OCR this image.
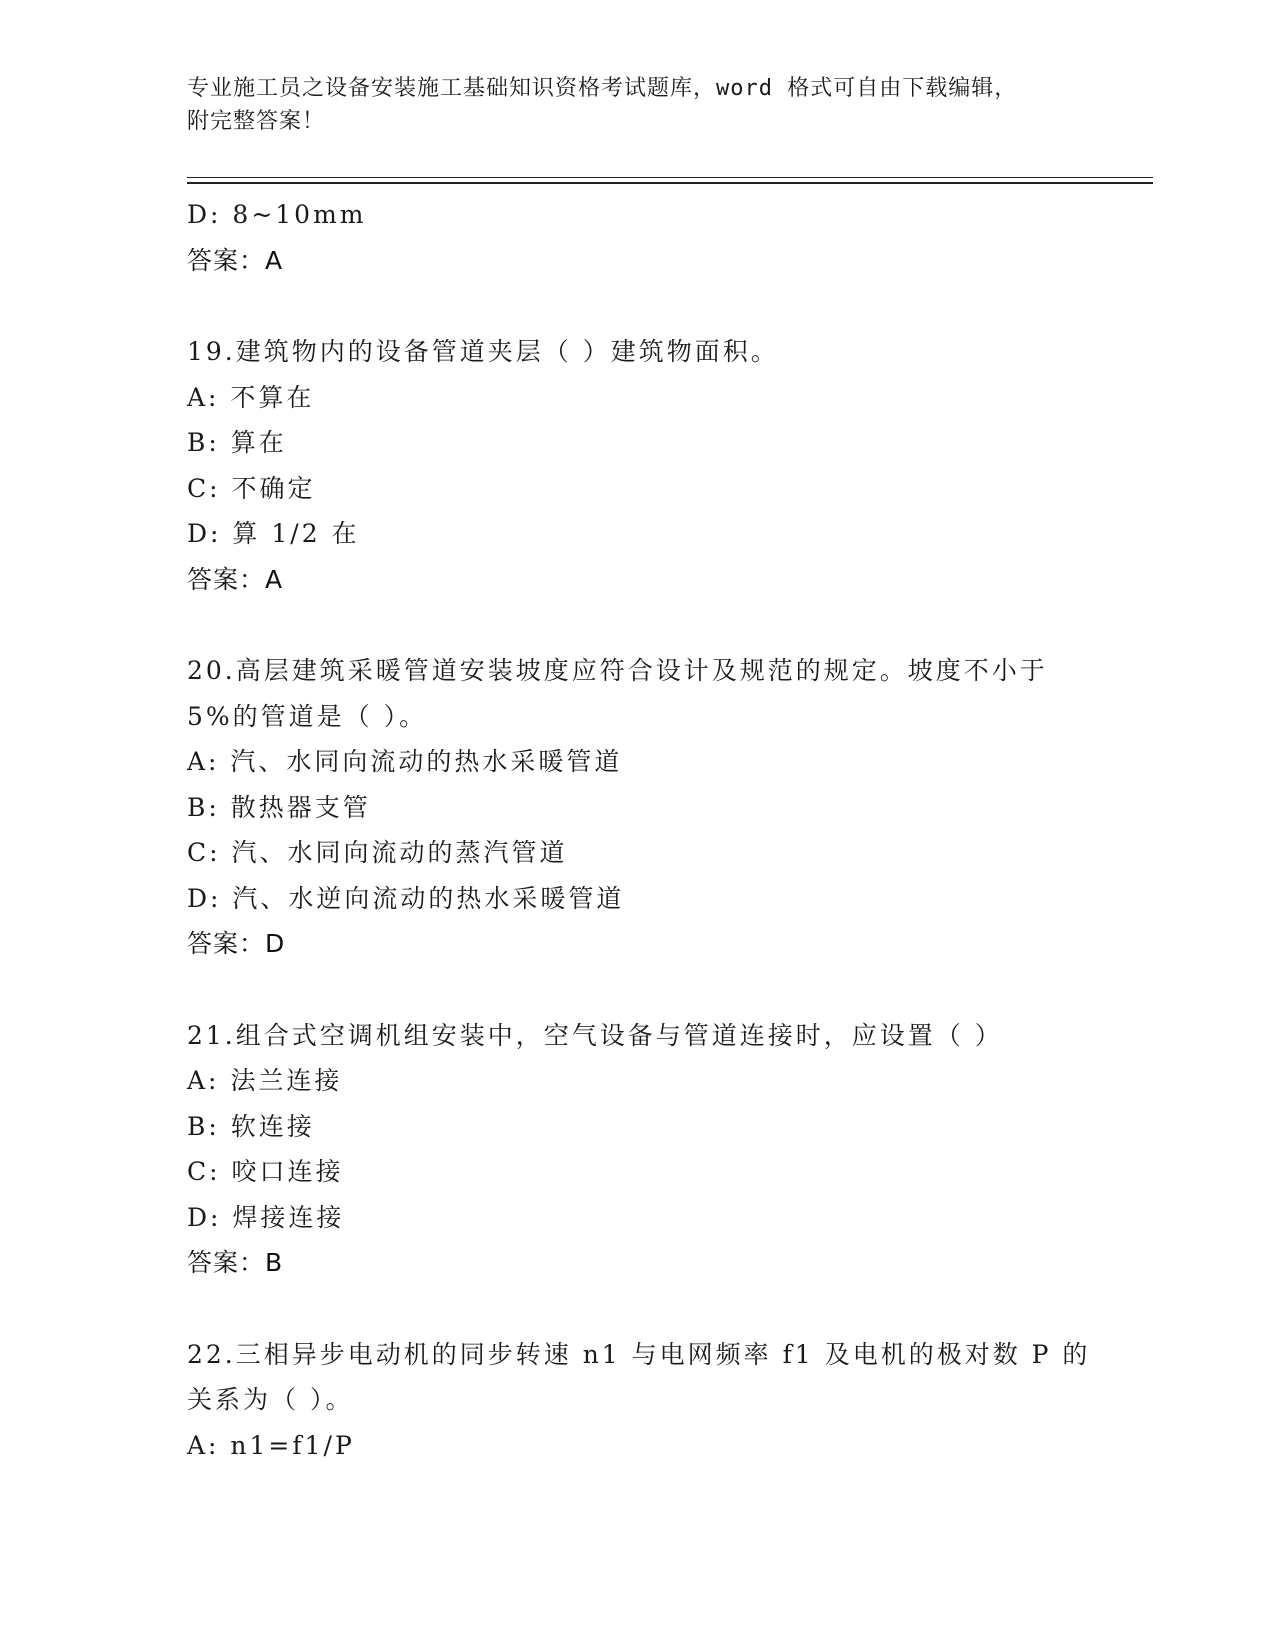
专业施工员之设备安装施工基础知识资格考试题库，word 格式可自由下载编辑，
附完整答案！
D: 8~10mm
答案：A
19.建筑物内的设备管道夹层（ ）建筑物面积。
A: 不算在
B: 算在
C: 不确定
D: 算 1/2 在
答案：A
20.高层建筑采暖管道安装坡度应符合设计及规范的规定。坡度不小于
5%的管道是（ ）。
A: 汽、水同向流动的热水采暖管道
B: 散热器支管
C: 汽、水同向流动的蒸汽管道
D: 汽、水逆向流动的热水采暖管道
答案：D
21.组合式空调机组安装中，空气设备与管道连接时，应设置（ ）
A: 法兰连接
B: 软连接
C: 咬口连接
D: 焊接连接
答案：B
22.三相异步电动机的同步转速 n1 与电网频率 f1 及电机的极对数 P 的
关系为（ ）。
A: n1=f1/P
